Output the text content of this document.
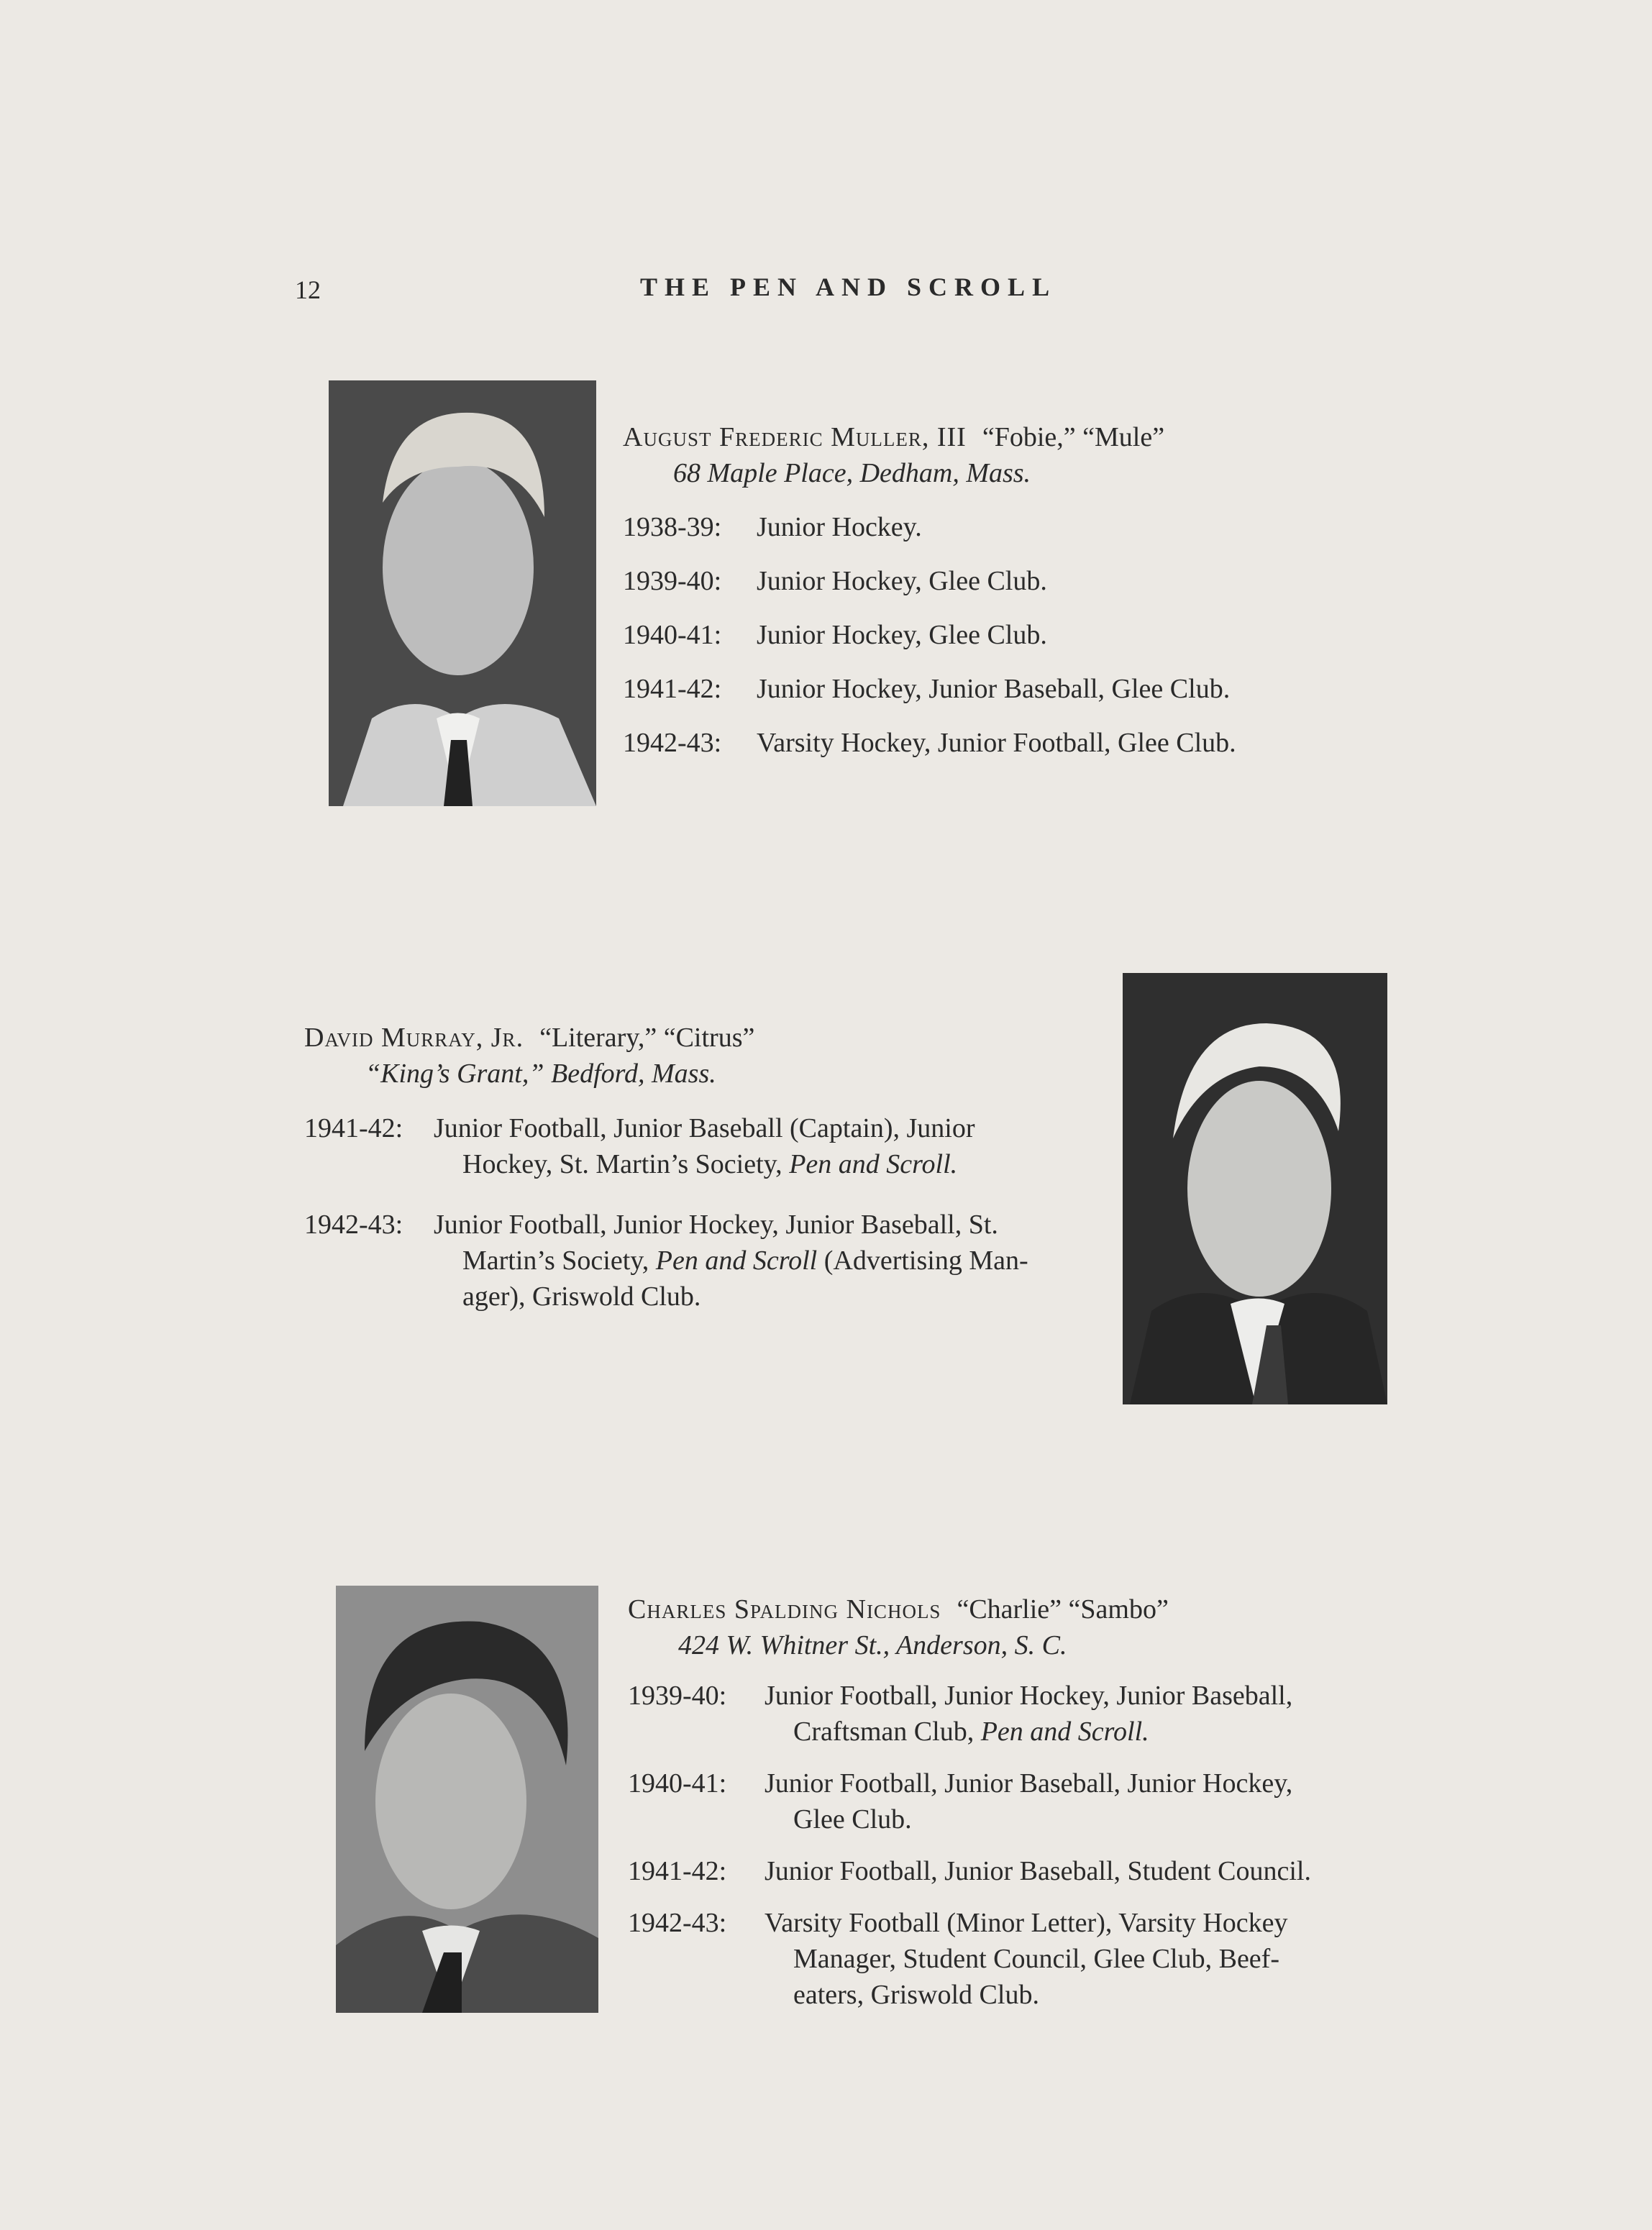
12	THE PEN AND SCROLL
August Frederic Muller, III “Fobie,” “Mule”
68 Maple Place, Dedham, Mass.
1938-39:	Junior Hockey.
1939-40:	Junior Hockey, Glee Club.
1940-41:	Junior Hockey, Glee Club.
1941-42:	Junior Hockey, Junior Baseball, Glee Club.
1942-43:	Varsity Hockey, Junior Football, Glee Club.
David Murray, Jr. “Literary,” “Citrus”
“King’s Grant,” Bedford, Mass.
1941-42:	Junior Football, Junior Baseball (Captain), Junior
Hockey, St. Martin’s Society, Pen and Scroll.
1942-43:	Junior Football, Junior Hockey, Junior Baseball, St.
Martin’s Society, Pen and Scroll (Advertising Man-
ager), Griswold Club.
Charles Spalding Nichols “Charlie” “Sambo”
424 W. Whitner St., Anderson, S. C.
1939-40:	Junior Football, Junior Hockey, Junior Baseball,
Craftsman Club, Pen and Scroll.
1940-41:	Junior Football, Junior Baseball, Junior Hockey,
Glee Club.
1941-42:	Junior Football, Junior Baseball, Student Council.
1942-43:	Varsity Football (Minor Letter), Varsity Hockey
Manager, Student Council, Glee Club, Beef-
eaters, Griswold Club.
